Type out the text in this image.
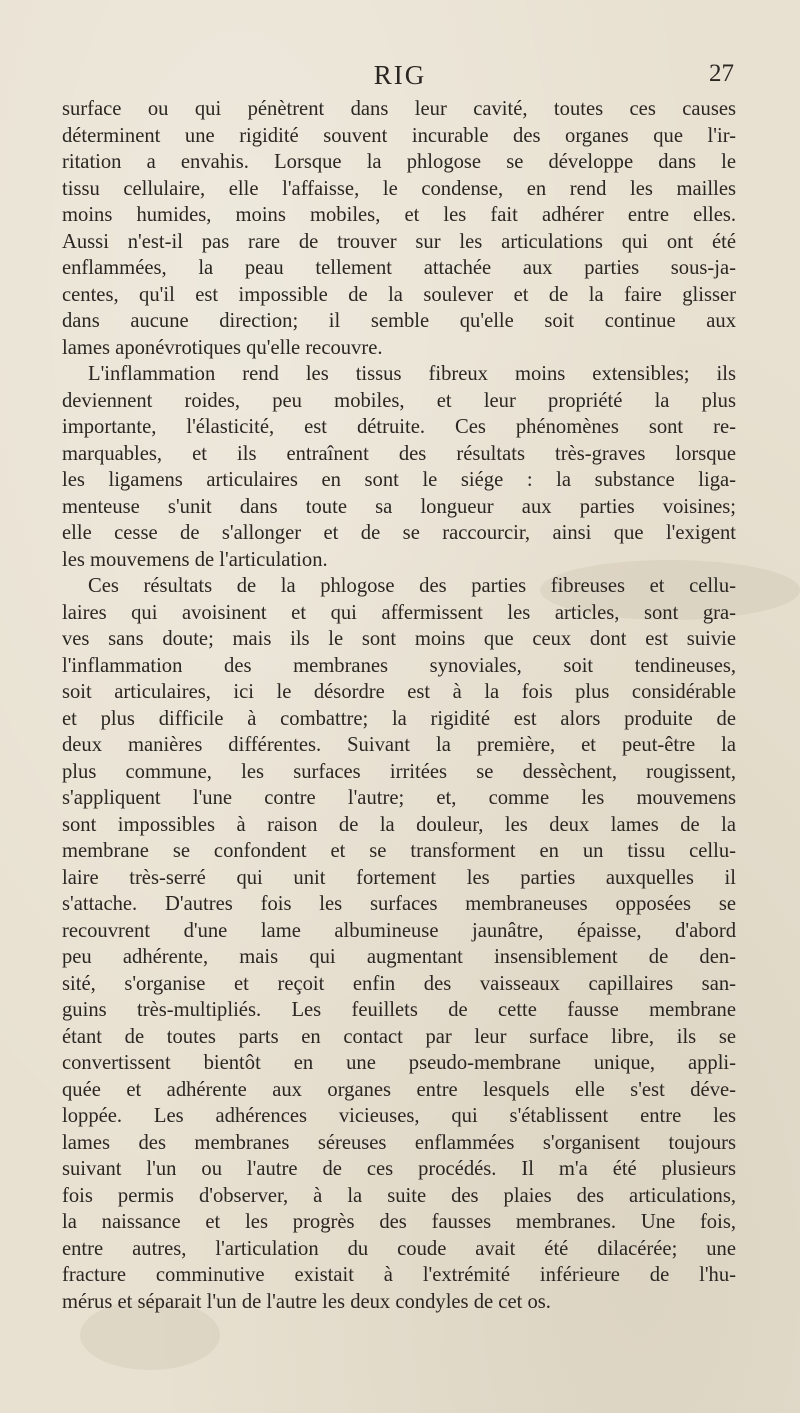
RIG	27

surface ou qui pénètrent dans leur cavité, toutes ces causes
déterminent une rigidité souvent incurable des organes que l'ir-
ritation a envahis. Lorsque la phlogose se développe dans le
tissu cellulaire, elle l'affaisse, le condense, en rend les mailles
moins humides, moins mobiles, et les fait adhérer entre elles.
Aussi n'est-il pas rare de trouver sur les articulations qui ont été
enflammées, la peau tellement attachée aux parties sous-ja-
centes, qu'il est impossible de la soulever et de la faire glisser
dans aucune direction; il semble qu'elle soit continue aux
lames aponévrotiques qu'elle recouvre.

L'inflammation rend les tissus fibreux moins extensibles; ils
deviennent roides, peu mobiles, et leur propriété la plus
importante, l'élasticité, est détruite. Ces phénomènes sont re-
marquables, et ils entraînent des résultats très-graves lorsque
les ligamens articulaires en sont le siége : la substance liga-
menteuse s'unit dans toute sa longueur aux parties voisines;
elle cesse de s'allonger et de se raccourcir, ainsi que l'exigent
les mouvemens de l'articulation.

Ces résultats de la phlogose des parties fibreuses et cellu-
laires qui avoisinent et qui affermissent les articles, sont gra-
ves sans doute; mais ils le sont moins que ceux dont est suivie
l'inflammation des membranes synoviales, soit tendineuses,
soit articulaires, ici le désordre est à la fois plus considérable
et plus difficile à combattre; la rigidité est alors produite de
deux manières différentes. Suivant la première, et peut-être la
plus commune, les surfaces irritées se dessèchent, rougissent,
s'appliquent l'une contre l'autre; et, comme les mouvemens
sont impossibles à raison de la douleur, les deux lames de la
membrane se confondent et se transforment en un tissu cellu-
laire très-serré qui unit fortement les parties auxquelles il
s'attache. D'autres fois les surfaces membraneuses opposées se
recouvrent d'une lame albumineuse jaunâtre, épaisse, d'abord
peu adhérente, mais qui augmentant insensiblement de den-
sité, s'organise et reçoit enfin des vaisseaux capillaires san-
guins très-multipliés. Les feuillets de cette fausse membrane
étant de toutes parts en contact par leur surface libre, ils se
convertissent bientôt en une pseudo-membrane unique, appli-
quée et adhérente aux organes entre lesquels elle s'est déve-
loppée. Les adhérences vicieuses, qui s'établissent entre les
lames des membranes séreuses enflammées s'organisent toujours
suivant l'un ou l'autre de ces procédés. Il m'a été plusieurs
fois permis d'observer, à la suite des plaies des articulations,
la naissance et les progrès des fausses membranes. Une fois,
entre autres, l'articulation du coude avait été dilacérée; une
fracture comminutive existait à l'extrémité inférieure de l'hu-
mérus et séparait l'un de l'autre les deux condyles de cet os.
